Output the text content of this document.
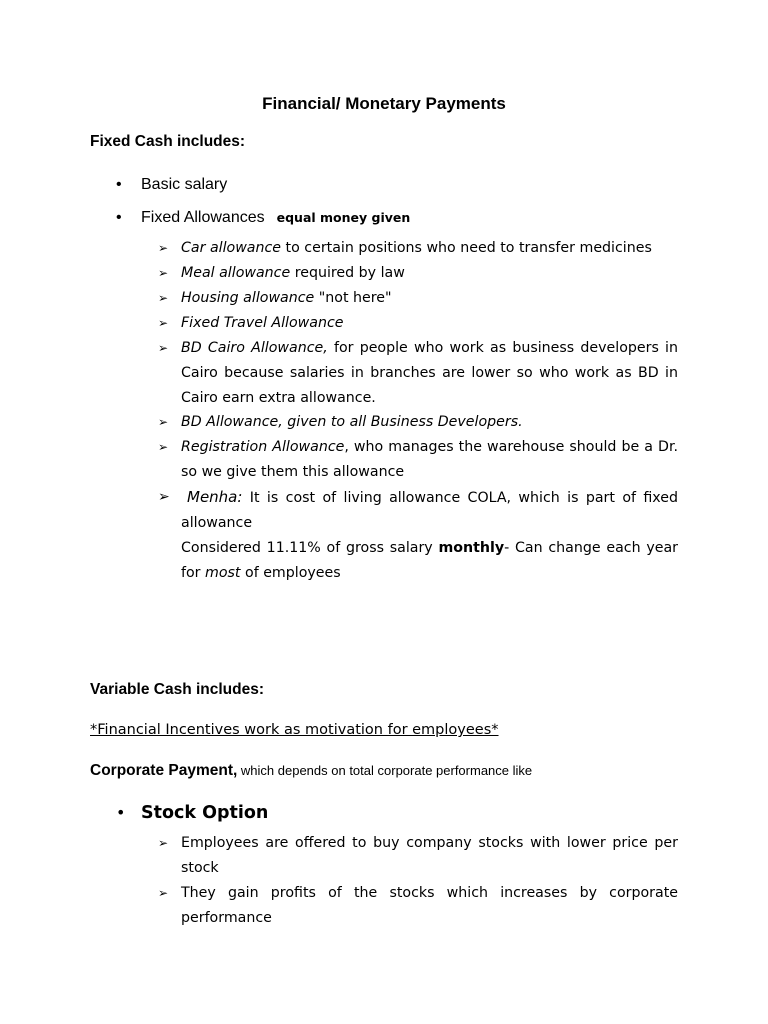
Financial/ Monetary Payments
Fixed Cash includes:
• Basic salary
• Fixed Allowances equal money given
➢ Car allowance to certain positions who need to transfer medicines
➢ Meal allowance required by law
➢ Housing allowance "not here"
➢ Fixed Travel Allowance
➢ BD Cairo Allowance, for people who work as business developers in Cairo because salaries in branches are lower so who work as BD in Cairo earn extra allowance.
➢ BD Allowance, given to all Business Developers.
➢ Registration Allowance, who manages the warehouse should be a Dr. so we give them this allowance
➢	Menha: It is cost of living allowance COLA, which is part of fixed allowance
Considered 11.11% of gross salary monthly- Can change each year for most of employees
Variable Cash includes:
*Financial Incentives work as motivation for employees*
Corporate Payment, which depends on total corporate performance like
• Stock Option
➢ Employees are offered to buy company stocks with lower price per stock
➢ They gain profits of the stocks which increases by corporate performance
